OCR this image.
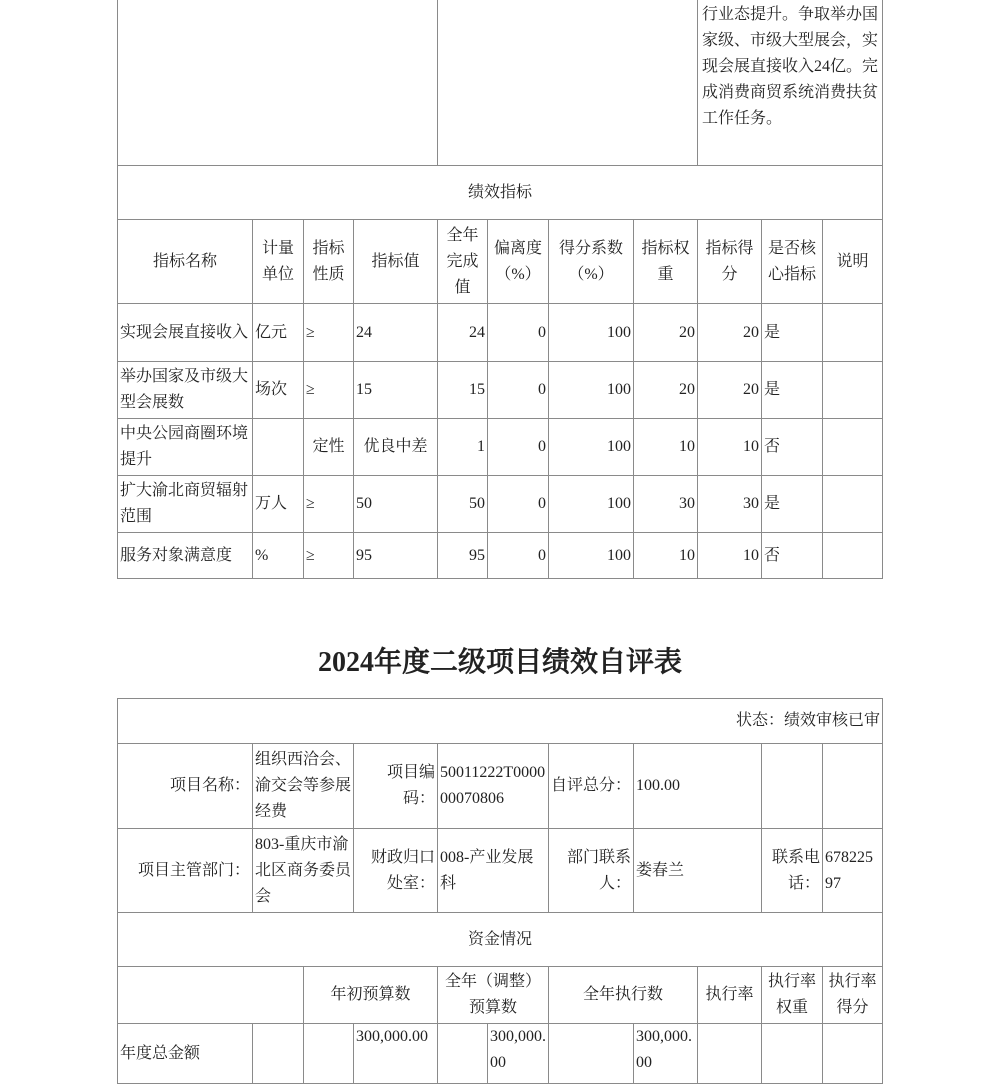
								行业态提升。争取举办国家级、市级大型展会，实现会展直接收入24亿。完成消费商贸系统消费扶贫工作任务。		
绩效指标										
指标名称	计量单位	指标性质	指标值	全年完成值	偏离度（%）	得分系数（%）	指标权重	指标得分	是否核心指标	说明
实现会展直接收入	亿元	≥	24	24	0	100	20	20	是	
举办国家及市级大型会展数	场次	≥	15	15	0	100	20	20	是	
中央公园商圈环境提升		定性	优良中差	1	0	100	10	10	否	
扩大渝北商贸辐射范围	万人	≥	50	50	0	100	30	30	是	
服务对象满意度	%	≥	95	95	0	100	10	10	否	
2024年度二级项目绩效自评表
状态：绩效审核已审										
项目名称：	组织西洽会、渝交会等参展经费		项目编码：	50011222T000000070806		自评总分：	100.00			
项目主管部门：	803-重庆市渝北区商务委员会		财政归口处室：	008-产业发展科		部门联系人：	娄春兰		联系电话：	67822597
资金情况										
		年初预算数		全年（调整）预算数		全年执行数		执行率	执行率权重	执行率得分
年度总金额			300,000.00		300,000.00		300,000.00			
